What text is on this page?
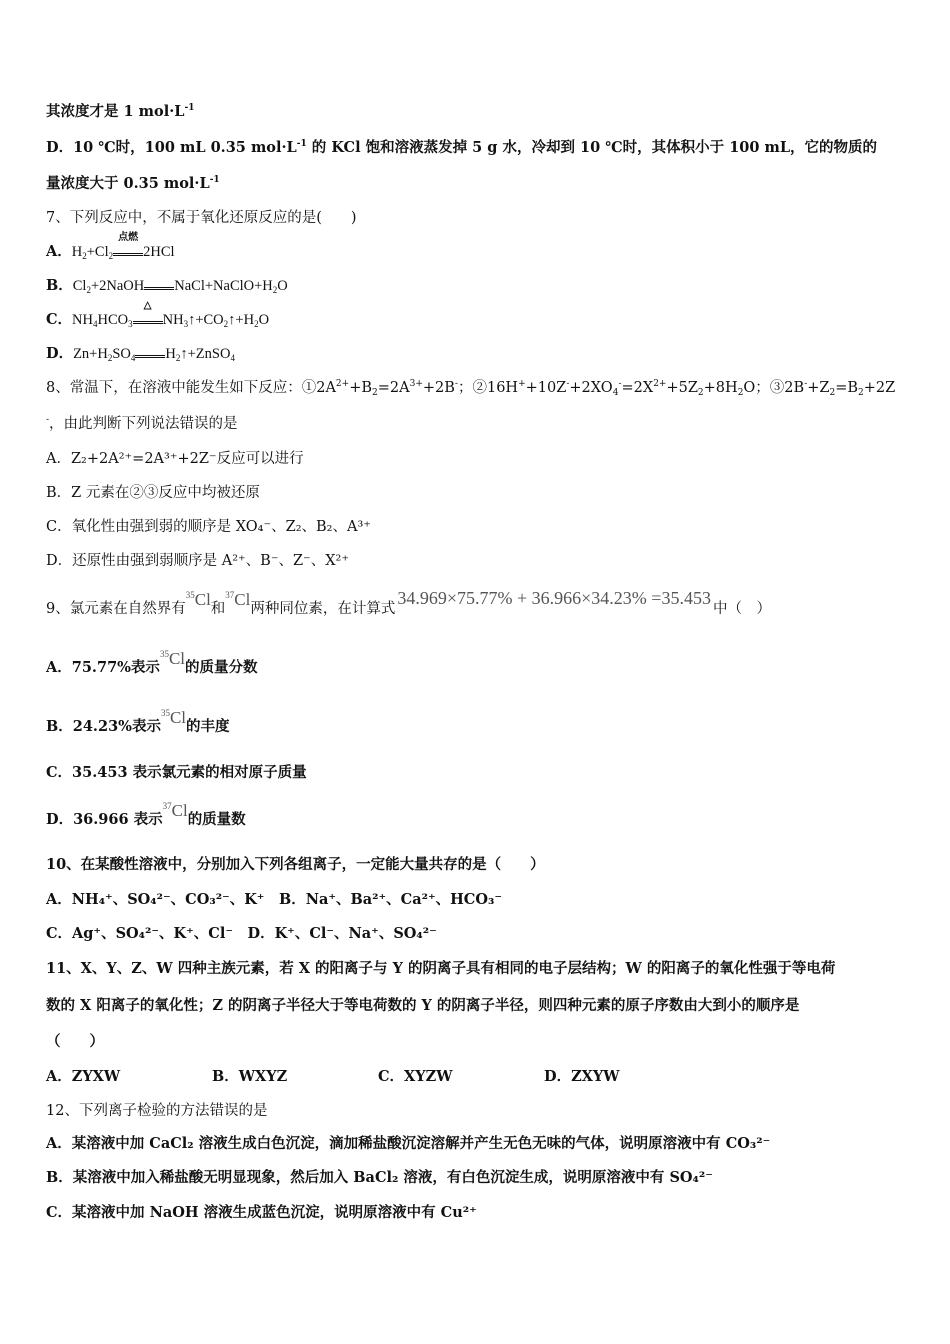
其浓度才是 1 $mol\cdot L^{-1}$
D．10 ℃时，100 mL 0.35 $mol\cdot L^{-1}$ 的 KCl 饱和溶液蒸发掉 5 g 水，冷却到 10 ℃时，其体积小于 100 mL，它的物质的
量浓度大于 0.35 $mol\cdot L^{-1}$
7、下列反应中，不属于氧化还原反应的是(　　)
A．$H_2+Cl_2$
点燃
2HCl
B．$Cl_2+2NaOH$ $NaCl+NaClO+H_2O$
C．$NH_4HCO_3$
△
$NH_3↑+CO_2↑+H_2O$
D．$Zn+H_2SO_4$ $H_2↑+ZnSO_4$
8、常温下，在溶液中能发生如下反应：$①2A^{2+}+B_2=2A^{3+}+2B^-$；$②16H^++10Z^-+2XO_4^-=2X^{2+}+5Z_2+8H_2O$；$③2B^-+Z_2=B_2+2Z$
-，由此判断下列说法错误的是
A．Z₂+2A²⁺=2A³⁺+2Z⁻反应可以进行
B．Z 元素在②③反应中均被还原
C．氧化性由强到弱的顺序是 XO₄⁻、Z₂、B₂、A³⁺
D．还原性由强到弱顺序是 A²⁺、B⁻、Z⁻、X²⁺
9、氯元素在自然界有$^{35}$Cl和$^{37}$Cl两种同位素，在计算式34.969×75.77% + 36.966×34.23% =35.453中（　）
A．75.77%表示$^{35}$Cl的质量分数
B．24.23%表示$^{35}$Cl的丰度
C．35.453 表示氯元素的相对原子质量
D．36.966 表示$^{37}$Cl的质量数
10、在某酸性溶液中，分别加入下列各组离子，一定能大量共存的是（　　）
A．NH₄⁺、SO₄²⁻、CO₃²⁻、K⁺　B．Na⁺、Ba²⁺、Ca²⁺、HCO₃⁻
C．Ag⁺、SO₄²⁻、K⁺、Cl⁻　D．K⁺、Cl⁻、Na⁺、SO₄²⁻
11、X、Y、Z、W 四种主族元素，若 X 的阳离子与 Y 的阴离子具有相同的电子层结构；W 的阳离子的氧化性强于等电荷
数的 X 阳离子的氧化性；Z 的阴离子半径大于等电荷数的 Y 的阴离子半径，则四种元素的原子序数由大到小的顺序是
（　　）
A．ZYXW	B．WXYZ	C．XYZW	D．ZXYW
12、下列离子检验的方法错误的是
A．某溶液中加 CaCl₂ 溶液生成白色沉淀，滴加稀盐酸沉淀溶解并产生无色无味的气体，说明原溶液中有 CO₃²⁻
B．某溶液中加入稀盐酸无明显现象，然后加入 BaCl₂ 溶液，有白色沉淀生成，说明原溶液中有 SO₄²⁻
C．某溶液中加 NaOH 溶液生成蓝色沉淀，说明原溶液中有 Cu²⁺
